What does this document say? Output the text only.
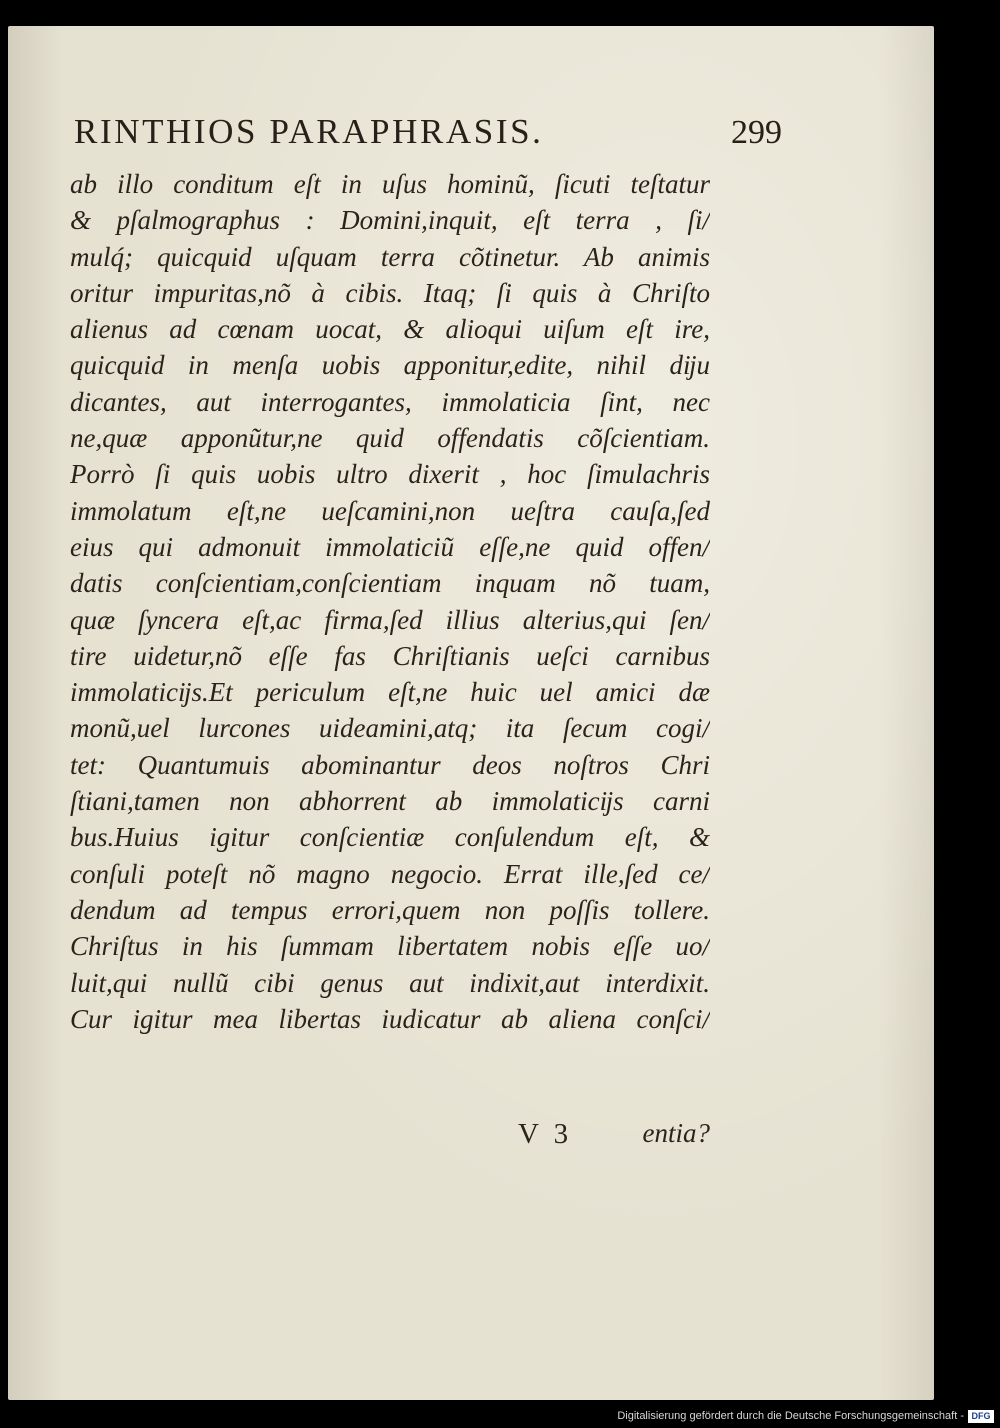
RINTHIOS PARAPHRASIS.	299
ab illo conditum eſt in uſus hominũ, ſicuti teſtatur
& pſalmographus : Domini,inquit, eſt terra , ſi/
mulq́; quicquid uſquam terra cõtinetur. Ab animis
oritur impuritas,nõ à cibis. Itaq; ſi quis à Chriſto
alienus ad cœnam uocat, & alioqui uiſum eſt ire,
quicquid in menſa uobis apponitur,edite, nihil dĳu
dicantes, aut interrogantes, immolaticia ſint, nec
ne,quæ apponũtur,ne quid offendatis cõſcientiam.
Porrò ſi quis uobis ultro dixerit , hoc ſimulachris
immolatum eſt,ne ueſcamini,non ueſtra cauſa,ſed
eius qui admonuit immolaticiũ eſſe,ne quid offen/
datis conſcientiam,conſcientiam inquam nõ tuam,
quæ ſyncera eſt,ac firma,ſed illius alterius,qui ſen/
tire uidetur,nõ eſſe fas Chriſtianis ueſci carnibus
immolaticĳs.Et periculum eſt,ne huic uel amici dæ
monũ,uel lurcones uideamini,atq; ita ſecum cogi/
tet: Quantumuis abominantur deos noſtros Chri
ſtiani,tamen non abhorrent ab immolaticĳs carni
bus.Huius igitur conſcientiæ conſulendum eſt, &
conſuli poteſt nõ magno negocio. Errat ille,ſed ce/
dendum ad tempus errori,quem non poſſis tollere.
Chriſtus in his ſummam libertatem nobis eſſe uo/
luit,qui nullũ cibi genus aut indixit,aut interdixit.
Cur igitur mea libertas iudicatur ab aliena conſci/
V 3	entia?
Digitalisierung gefördert durch die Deutsche Forschungsgemeinschaft - DFG
